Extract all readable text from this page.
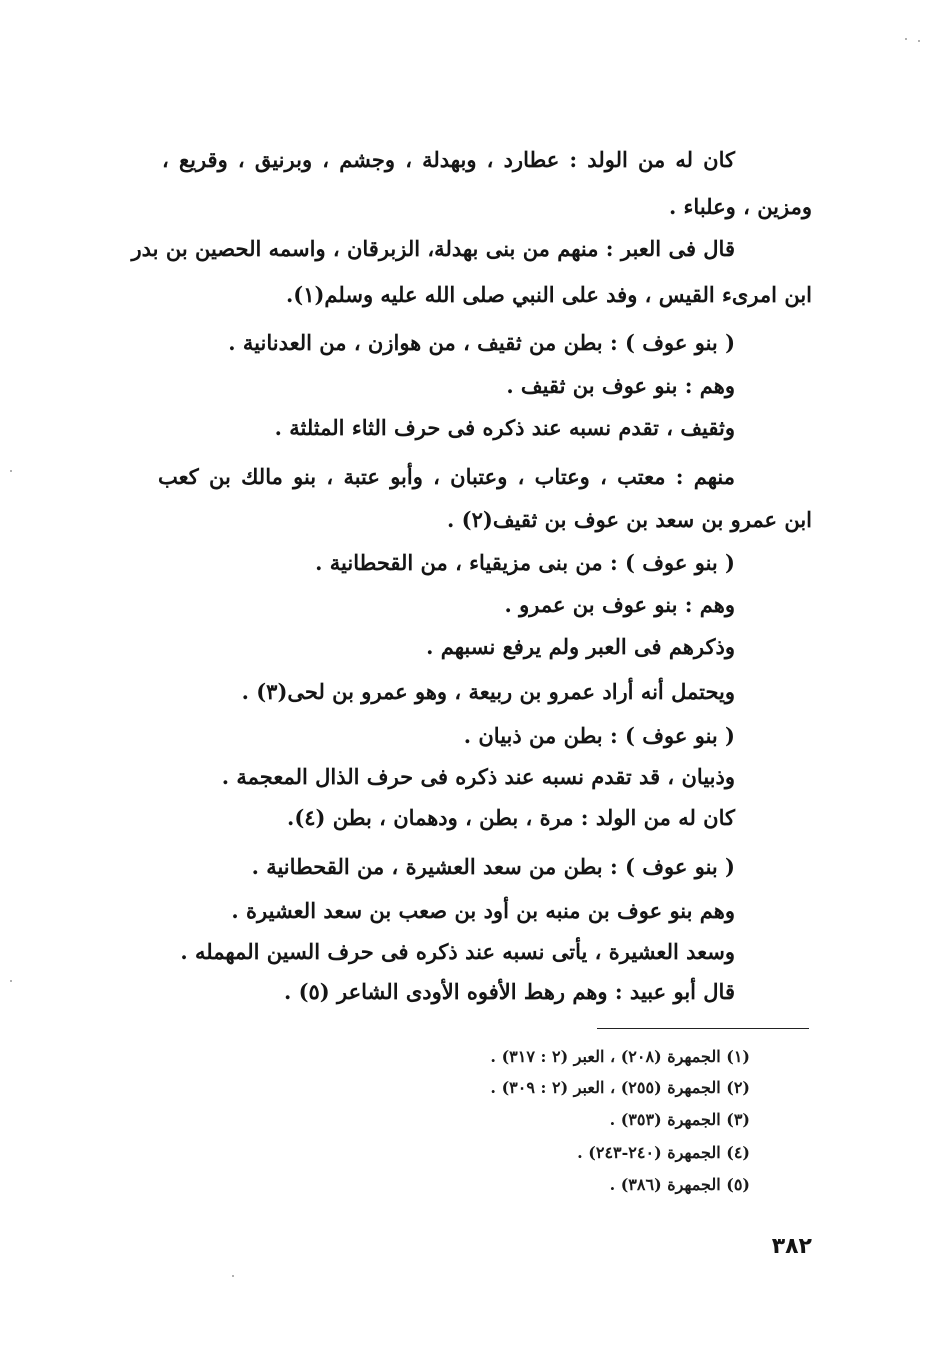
كان له من الولد : عطارد ، وبهدلة ، وجشم ، وبرنيق ، وقريع ،
ومزين ، وعلباء .
قال فى العبر : منهم من بنى بهدلة، الزبرقان ، واسمه الحصين بن بدر
ابن امرىء القيس ، وفد على النبي صلى الله عليه وسلم(١).
( بنو عوف ) : بطن من ثقيف ، من هوازن ، من العدنانية .
وهم : بنو عوف بن ثقيف .
وثقيف ، تقدم نسبه عند ذكره فى حرف الثاء المثلثة .
منهم : معتب ، وعتاب ، وعتبان ، وأبو عتبة ، بنو مالك بن كعب
ابن عمرو بن سعد بن عوف بن ثقيف(٢) .
( بنو عوف ) : من بنى مزيقياء ، من القحطانية .
وهم : بنو عوف بن عمرو .
وذكرهم فى العبر ولم يرفع نسبهم .
ويحتمل أنه أراد عمرو بن ربيعة ، وهو عمرو بن لحى(٣) .
( بنو عوف ) : بطن من ذبيان .
وذبيان ، قد تقدم نسبه عند ذكره فى حرف الذال المعجمة .
كان له من الولد : مرة ، بطن ، ودهمان ، بطن (٤).
( بنو عوف ) : بطن من سعد العشيرة ، من القحطانية .
وهم بنو عوف بن منبه بن أود بن صعب بن سعد العشيرة .
وسعد العشيرة ، يأتى نسبه عند ذكره فى حرف السين المهمله .
قال أبو عبيد : وهم رهط الأفوه الأودى الشاعر (٥) .
(١) الجمهرة (٢٠٨) ، العبر (٢ : ٣١٧) .
(٢) الجمهرة (٢٥٥) ، العبر (٢ : ٣٠٩) .
(٣) الجمهرة (٣٥٣) .
(٤) الجمهرة (٢٤٠-٢٤٣) .
(٥) الجمهرة (٣٨٦) .
٣٨٢
